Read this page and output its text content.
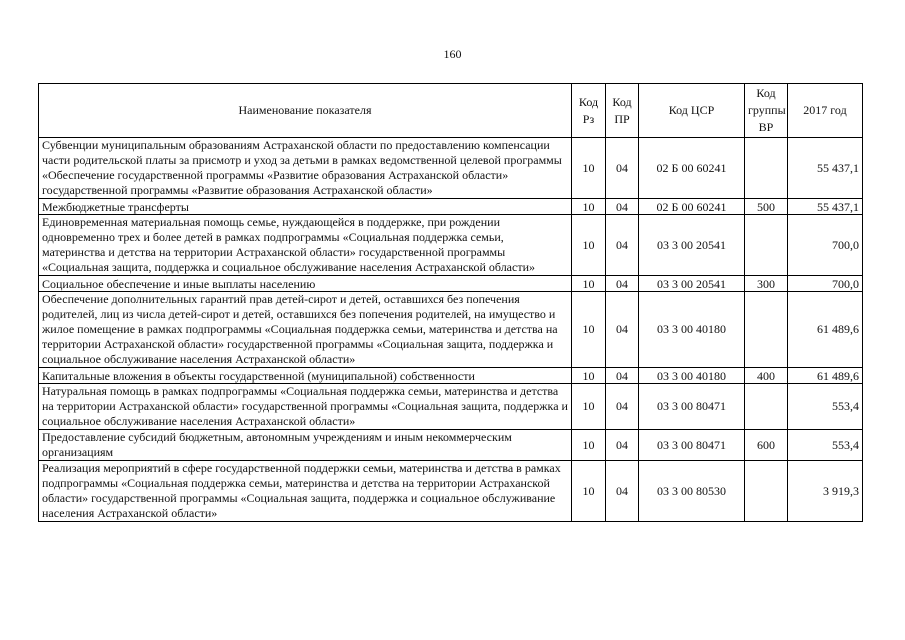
160
Наименование показателя	Код Рз	Код ПР	Код ЦСР	Код группы ВР	2017 год
Субвенции муниципальным образованиям Астраханской области по предоставлению компенсации части родительской платы за присмотр и уход за детьми в рамках ведомственной целевой программы «Обеспечение государственной программы «Развитие образования Астраханской области» государственной программы «Развитие образования Астраханской области»	10	04	02 Б 00 60241		55 437,1
Межбюджетные трансферты	10	04	02 Б 00 60241	500	55 437,1
Единовременная материальная помощь семье, нуждающейся в поддержке, при рождении одновременно трех и более детей в рамках подпрограммы «Социальная поддержка семьи, материнства и детства на территории Астраханской области» государственной программы «Социальная защита, поддержка и социальное обслуживание населения Астраханской области»	10	04	03 3 00 20541		700,0
Социальное обеспечение и иные выплаты населению	10	04	03 3 00 20541	300	700,0
Обеспечение дополнительных гарантий прав детей-сирот и детей, оставшихся без попечения родителей, лиц из числа детей-сирот и детей, оставшихся без попечения родителей, на имущество и жилое помещение в рамках подпрограммы «Социальная поддержка семьи, материнства и детства на территории Астраханской области» государственной программы «Социальная защита, поддержка и социальное обслуживание населения Астраханской области»	10	04	03 3 00 40180		61 489,6
Капитальные вложения в объекты государственной (муниципальной) собственности	10	04	03 3 00 40180	400	61 489,6
Натуральная помощь в рамках подпрограммы «Социальная поддержка семьи, материнства и детства на территории Астраханской области» государственной программы «Социальная защита, поддержка и социальное обслуживание населения Астраханской области»	10	04	03 3 00 80471		553,4
Предоставление субсидий бюджетным, автономным учреждениям и иным некоммерческим организациям	10	04	03 3 00 80471	600	553,4
Реализация мероприятий в сфере государственной поддержки семьи, материнства и детства в рамках подпрограммы «Социальная поддержка семьи, материнства и детства на территории Астраханской области» государственной программы «Социальная защита, поддержка и социальное обслуживание населения Астраханской области»	10	04	03 3 00 80530		3 919,3
